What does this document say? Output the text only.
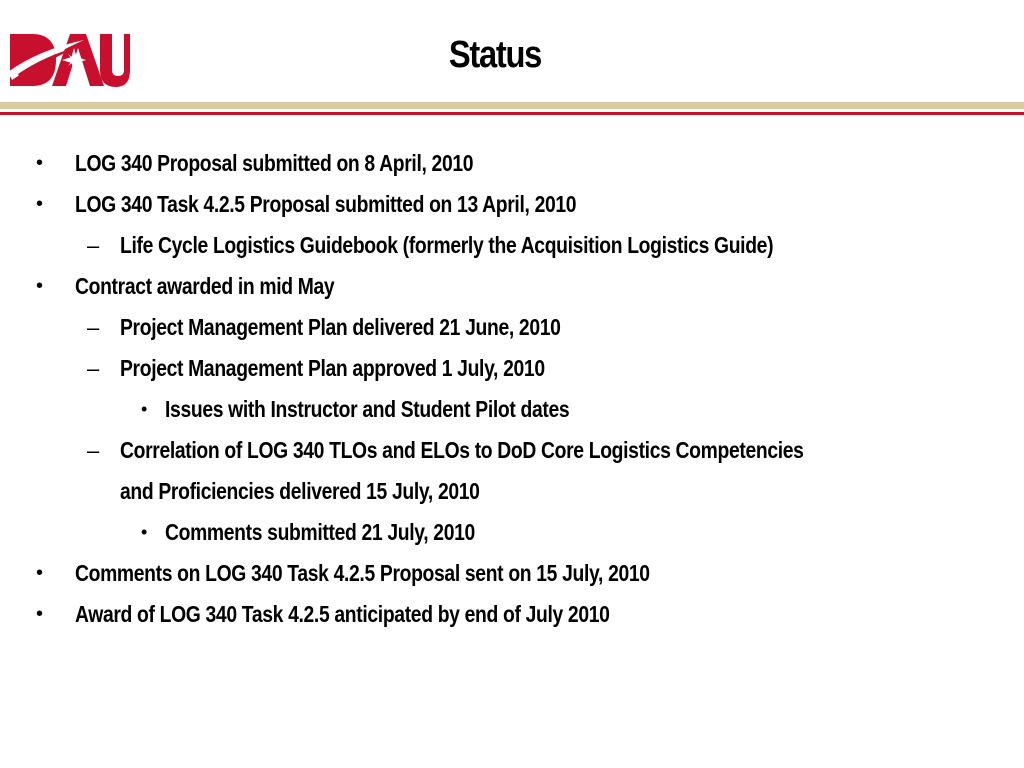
Status
• LOG 340 Proposal submitted on 8 April, 2010
• LOG 340 Task 4.2.5 Proposal submitted on 13 April, 2010
– Life Cycle Logistics Guidebook (formerly the Acquisition Logistics Guide)
• Contract awarded in mid May
– Project Management Plan delivered 21 June, 2010
– Project Management Plan approved 1 July, 2010
• Issues with Instructor and Student Pilot dates
– Correlation of LOG 340 TLOs and ELOs to DoD Core Logistics Competencies
and Proficiencies delivered 15 July, 2010
• Comments submitted 21 July, 2010
• Comments on LOG 340 Task 4.2.5 Proposal sent on 15 July, 2010
• Award of LOG 340 Task 4.2.5 anticipated by end of July 2010
